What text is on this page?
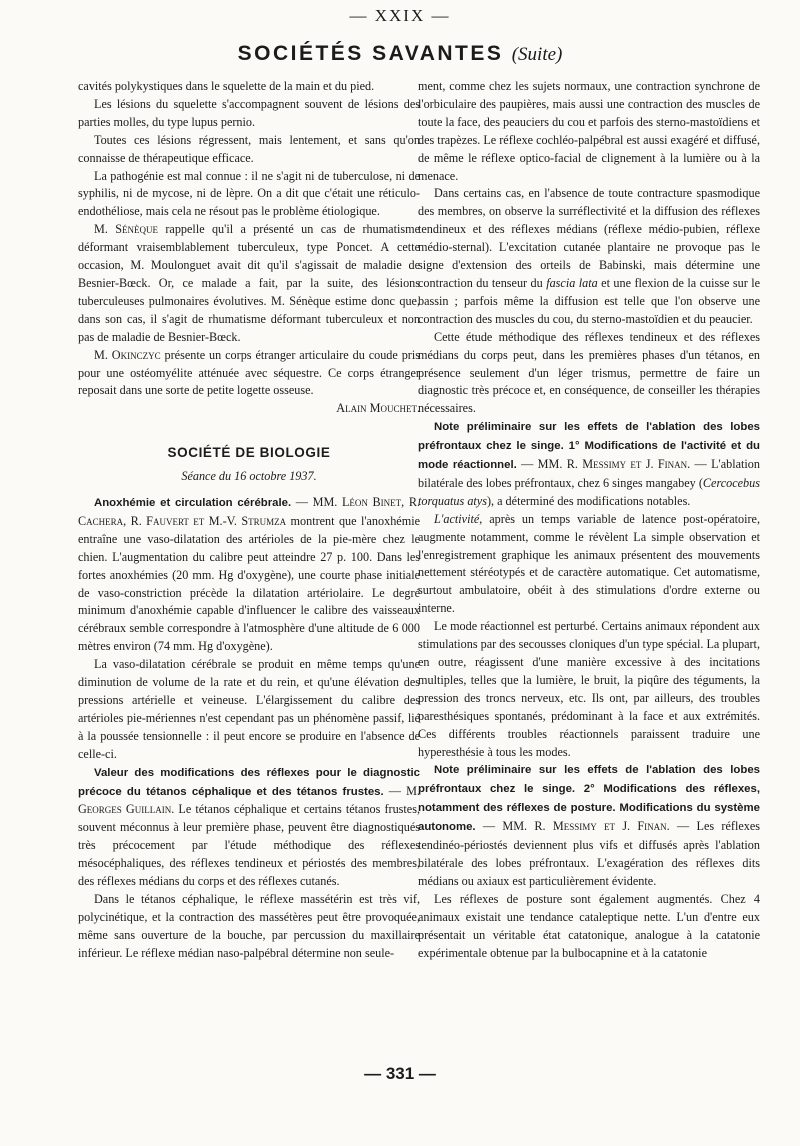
— XXIX —
SOCIÉTÉS SAVANTES (Suite)

cavités polykystiques dans le squelette de la main et du pied.

Les lésions du squelette s'accompagnent souvent de lésions des parties molles, du type lupus pernio.

Toutes ces lésions régressent, mais lentement, et sans qu'on connaisse de thérapeutique efficace.

La pathogénie est mal connue : il ne s'agit ni de tuberculose, ni de syphilis, ni de mycose, ni de lèpre. On a dit que c'était une réticulo-endothéliose, mais cela ne résout pas le problème étiologique.

M. Sénèque rappelle qu'il a présenté un cas de rhumatisme déformant vraisemblablement tuberculeux, type Poncet. A cette occasion, M. Moulonguet avait dit qu'il s'agissait de maladie de Besnier-Bœck. Or, ce malade a fait, par la suite, des lésions tuberculeuses pulmonaires évolutives. M. Sénèque estime donc que, dans son cas, il s'agit de rhumatisme déformant tuberculeux et non pas de maladie de Besnier-Bœck.

M. Okinczyc présente un corps étranger articulaire du coude pris pour une ostéomyélite atténuée avec séquestre. Ce corps étranger reposait dans une sorte de petite logette osseuse.

Alain Mouchet.

SOCIÉTÉ DE BIOLOGIE
Séance du 16 octobre 1937.

Anoxhémie et circulation cérébrale. — MM. Léon Binet, R. Cachera, R. Fauvert et M.-V. Strumza montrent que l'anoxhémie entraîne une vaso-dilatation des artérioles de la pie-mère chez le chien. L'augmentation du calibre peut atteindre 27 p. 100. Dans les fortes anoxhémies (20 mm. Hg d'oxygène), une courte phase initiale de vaso-constriction précède la dilatation artériolaire. Le degré minimum d'anoxhémie capable d'influencer le calibre des vaisseaux cérébraux semble correspondre à l'atmosphère d'une altitude de 6 000 mètres environ (74 mm. Hg d'oxygène).

La vaso-dilatation cérébrale se produit en même temps qu'une diminution de volume de la rate et du rein, et qu'une élévation des pressions artérielle et veineuse. L'élargissement du calibre des artérioles pie-mériennes n'est cependant pas un phénomène passif, lié à la poussée tensionnelle : il peut encore se produire en l'absence de celle-ci.

Valeur des modifications des réflexes pour le diagnostic précoce du tétanos céphalique et des tétanos frustes. — M. Georges Guillain. Le tétanos céphalique et certains tétanos frustes, souvent méconnus à leur première phase, peuvent être diagnostiqués très précocement par l'étude méthodique des réflexes mésocéphaliques, des réflexes tendineux et périostés des membres, des réflexes médians du corps et des réflexes cutanés.

Dans le tétanos céphalique, le réflexe massétérin est très vif, polycinétique, et la contraction des massétères peut être provoquée, même sans ouverture de la bouche, par percussion du maxillaire inférieur. Le réflexe médian naso-palpébral détermine non seule-

ment, comme chez les sujets normaux, une contraction synchrone de l'orbiculaire des paupières, mais aussi une contraction des muscles de toute la face, des peauciers du cou et parfois des sterno-mastoïdiens et des trapèzes. Le réflexe cochléo-palpébral est aussi exagéré et diffusé, de même le réflexe optico-facial de clignement à la lumière ou à la menace.

Dans certains cas, en l'absence de toute contracture spasmodique des membres, on observe la surréflectivité et la diffusion des réflexes tendineux et des réflexes médians (réflexe médio-pubien, réflexe médio-sternal). L'excitation cutanée plantaire ne provoque pas le signe d'extension des orteils de Babinski, mais détermine une contraction du tenseur du fascia lata et une flexion de la cuisse sur le bassin ; parfois même la diffusion est telle que l'on observe une contraction des muscles du cou, du sterno-mastoïdien et du peaucier.

Cette étude méthodique des réflexes tendineux et des réflexes médians du corps peut, dans les premières phases d'un tétanos, en présence seulement d'un léger trismus, permettre de faire un diagnostic très précoce et, en conséquence, de conseiller les thérapies nécessaires.

Note préliminaire sur les effets de l'ablation des lobes préfrontaux chez le singe. 1° Modifications de l'activité et du mode réactionnel. — MM. R. Messimy et J. Finan. — L'ablation bilatérale des lobes préfrontaux, chez 6 singes mangabey (Cercocebus torquatus atys), a déterminé des modifications notables.

L'activité, après un temps variable de latence post-opératoire, augmente notamment, comme le révèlent La simple observation et l'enregistrement graphique les animaux présentent des mouvements nettement stéréotypés et de caractère automatique. Cet automatisme, surtout ambulatoire, obéit à des stimulations d'ordre externe ou interne.

Le mode réactionnel est perturbé. Certains animaux répondent aux stimulations par des secousses cloniques d'un type spécial. La plupart, en outre, réagissent d'une manière excessive à des incitations multiples, telles que la lumière, le bruit, la piqûre des téguments, la pression des troncs nerveux, etc. Ils ont, par ailleurs, des troubles paresthésiques spontanés, prédominant à la face et aux extrémités. Ces différents troubles réactionnels paraissent traduire une hyperesthésie à tous les modes.

Note préliminaire sur les effets de l'ablation des lobes préfrontaux chez le singe. 2° Modifications des réflexes, notamment des réflexes de posture. Modifications du système autonome. — MM. R. Messimy et J. Finan. — Les réflexes tendinéo-périostés deviennent plus vifs et diffusés après l'ablation bilatérale des lobes préfrontaux. L'exagération des réflexes dits médians ou axiaux est particulièrement évidente.

Les réflexes de posture sont également augmentés. Chez 4 animaux existait une tendance cataleptique nette. L'un d'entre eux présentait un véritable état catatonique, analogue à la catatonie expérimentale obtenue par la bulbocapnine et à la catatonie

— 331 —
